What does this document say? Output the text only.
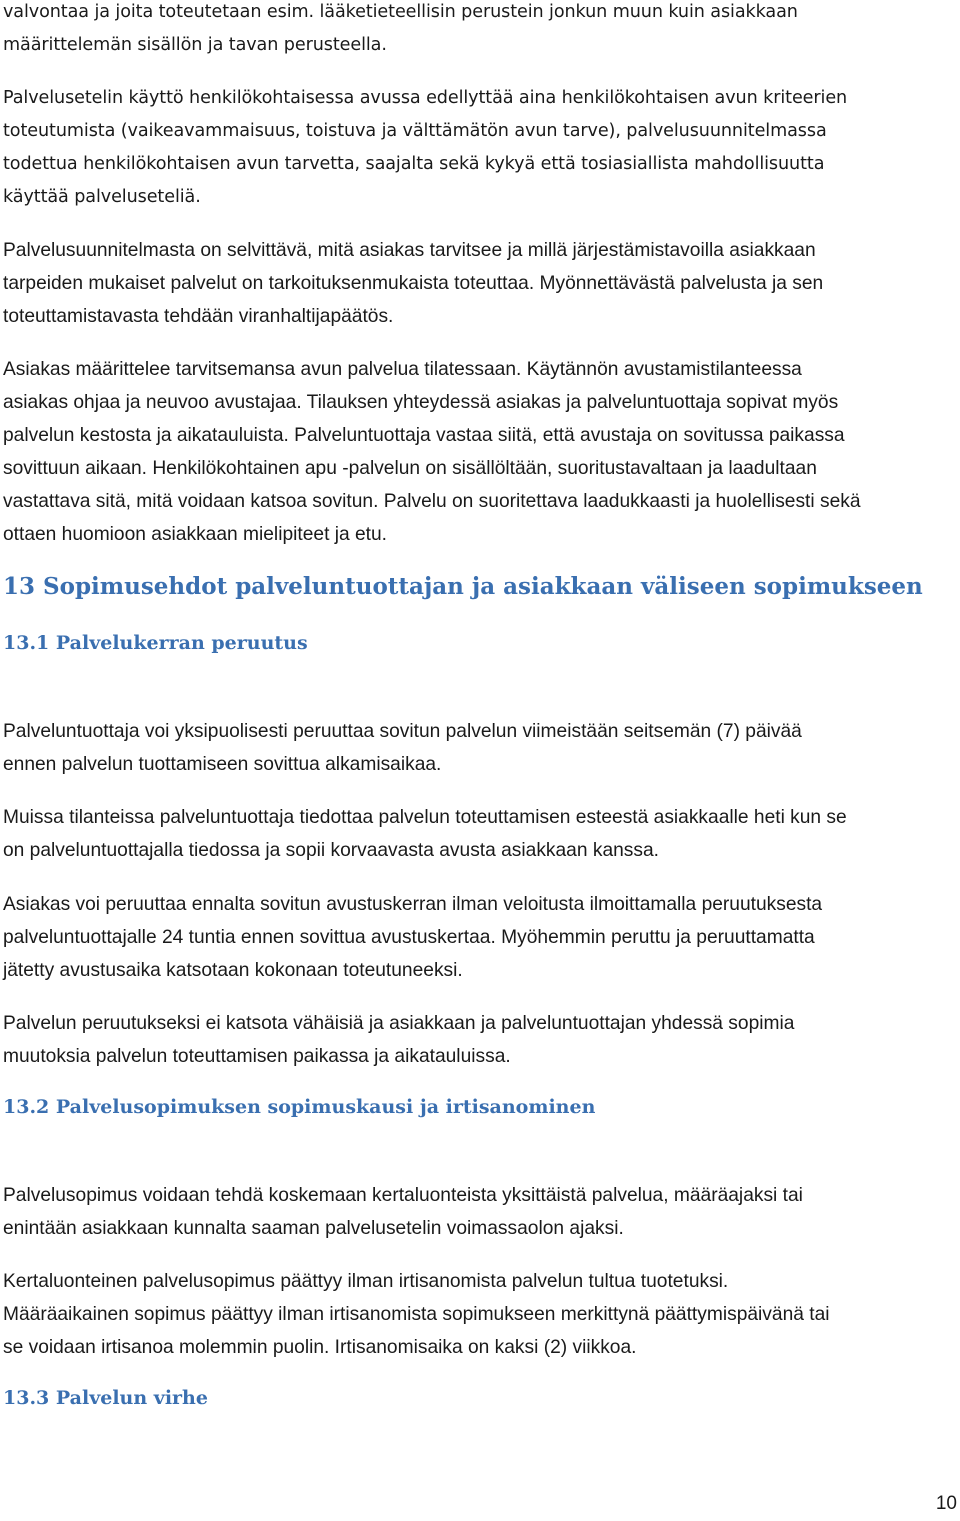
valvontaa ja joita toteutetaan esim. lääketieteellisin perustein jonkun muun kuin asiakkaan
määrittelemän sisällön ja tavan perusteella.

Palvelusetelin käyttö henkilökohtaisessa avussa edellyttää aina henkilökohtaisen avun kriteerien
toteutumista (vaikeavammaisuus, toistuva ja välttämätön avun tarve), palvelusuunnitelmassa
todettua henkilökohtaisen avun tarvetta, saajalta sekä kykyä että tosiasiallista mahdollisuutta
käyttää palveluseteliä.

Palvelusuunnitelmasta on selvittävä, mitä asiakas tarvitsee ja millä järjestämistavoilla asiakkaan
tarpeiden mukaiset palvelut on tarkoituksenmukaista toteuttaa. Myönnettävästä palvelusta ja sen
toteuttamistavasta tehdään viranhaltijapäätös.

Asiakas määrittelee tarvitsemansa avun palvelua tilatessaan. Käytännön avustamistilanteessa
asiakas ohjaa ja neuvoo avustajaa. Tilauksen yhteydessä asiakas ja palveluntuottaja sopivat myös
palvelun kestosta ja aikatauluista. Palveluntuottaja vastaa siitä, että avustaja on sovitussa paikassa
sovittuun aikaan. Henkilökohtainen apu -palvelun on sisällöltään, suoritustavaltaan ja laadultaan
vastattava sitä, mitä voidaan katsoa sovitun. Palvelu on suoritettava laadukkaasti ja huolellisesti sekä
ottaen huomioon asiakkaan mielipiteet ja etu.

13 Sopimusehdot palveluntuottajan ja asiakkaan väliseen sopimukseen
13.1 Palvelukerran peruutus

Palveluntuottaja voi yksipuolisesti peruuttaa sovitun palvelun viimeistään seitsemän (7) päivää
ennen palvelun tuottamiseen sovittua alkamisaikaa.

Muissa tilanteissa palveluntuottaja tiedottaa palvelun toteuttamisen esteestä asiakkaalle heti kun se
on palveluntuottajalla tiedossa ja sopii korvaavasta avusta asiakkaan kanssa.

Asiakas voi peruuttaa ennalta sovitun avustuskerran ilman veloitusta ilmoittamalla peruutuksesta
palveluntuottajalle 24 tuntia ennen sovittua avustuskertaa. Myöhemmin peruttu ja peruuttamatta
jätetty avustusaika katsotaan kokonaan toteutuneeksi.

Palvelun peruutukseksi ei katsota vähäisiä ja asiakkaan ja palveluntuottajan yhdessä sopimia
muutoksia palvelun toteuttamisen paikassa ja aikatauluissa.

13.2 Palvelusopimuksen sopimuskausi ja irtisanominen

Palvelusopimus voidaan tehdä koskemaan kertaluonteista yksittäistä palvelua, määräajaksi tai
enintään asiakkaan kunnalta saaman palvelusetelin voimassaolon ajaksi.

Kertaluonteinen palvelusopimus päättyy ilman irtisanomista palvelun tultua tuotetuksi.
Määräaikainen sopimus päättyy ilman irtisanomista sopimukseen merkittynä päättymispäivänä tai
se voidaan irtisanoa molemmin puolin. Irtisanomisaika on kaksi (2) viikkoa.

13.3 Palvelun virhe
10
